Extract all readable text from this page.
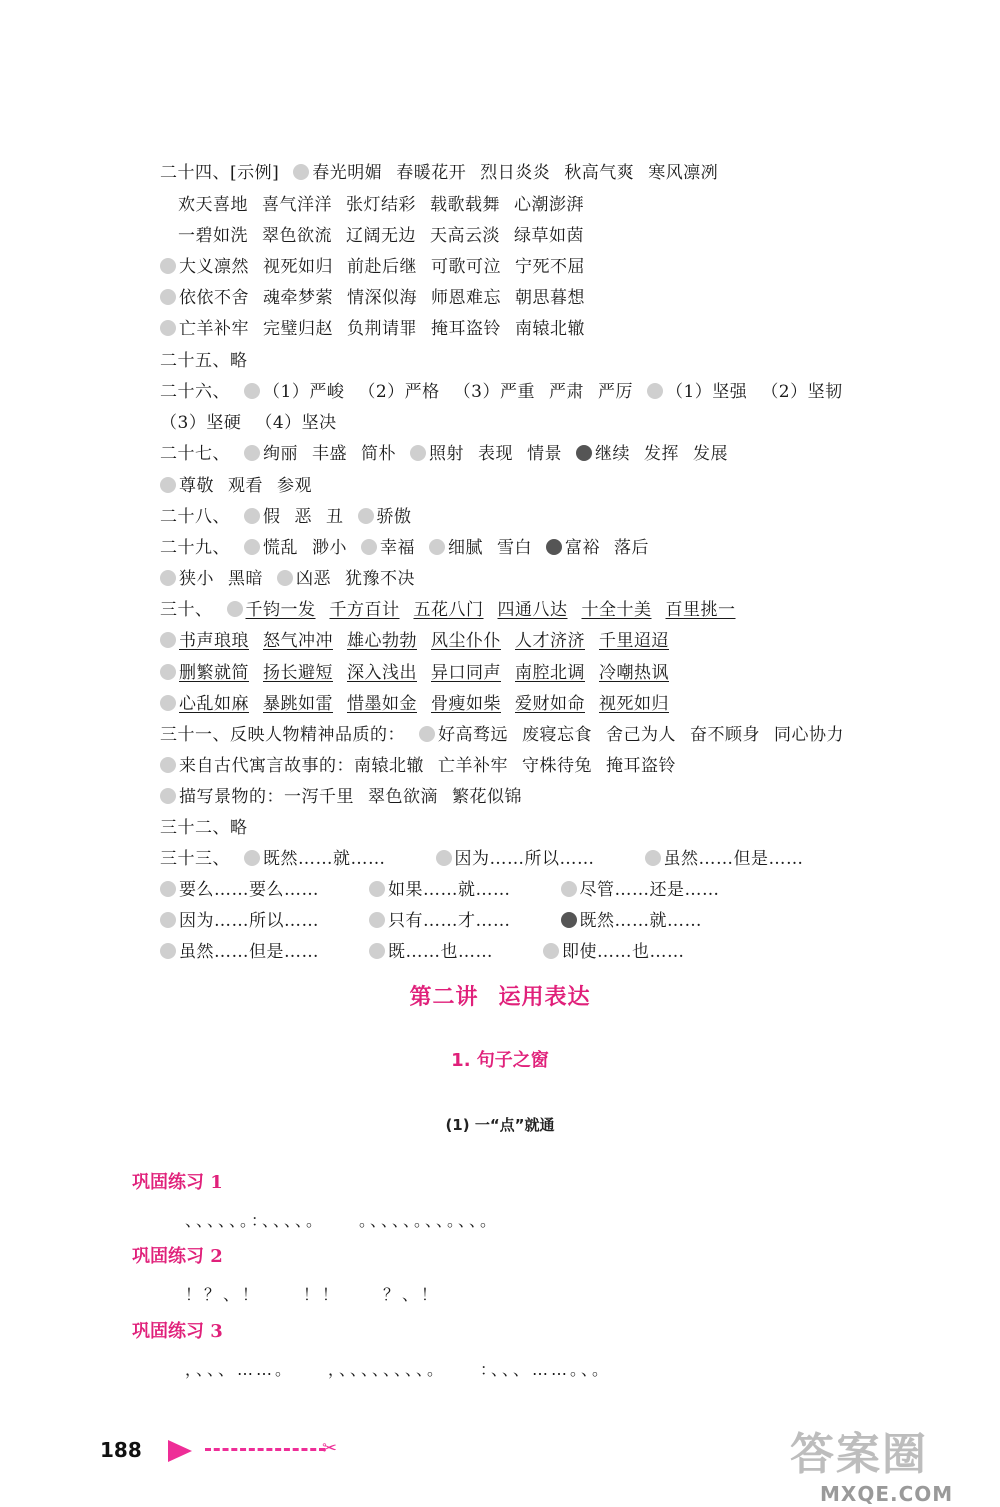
二十四、[示例] 春光明媚 春暖花开 烈日炎炎 秋高气爽 寒风凛冽
欢天喜地 喜气洋洋 张灯结彩 载歌载舞 心潮澎湃
一碧如洗 翠色欲流 辽阔无边 天高云淡 绿草如茵
大义凛然 视死如归 前赴后继 可歌可泣 宁死不屈
依依不舍 魂牵梦萦 情深似海 师恩难忘 朝思暮想
亡羊补牢 完璧归赵 负荆请罪 掩耳盗铃 南辕北辙
二十五、略
二十六、 （1）严峻 （2）严格 （3）严重 严肃 严厉 （1）坚强 （2）坚韧
（3）坚硬 （4）坚决
二十七、 绚丽 丰盛 简朴 照射 表现 情景 继续 发挥 发展
尊敬 观看 参观
二十八、 假 恶 丑 骄傲
二十九、 慌乱 渺小 幸福 细腻 雪白 富裕 落后
狭小 黑暗 凶恶 犹豫不决
三十、 千钧一发 千方百计 五花八门 四通八达 十全十美 百里挑一
书声琅琅 怒气冲冲 雄心勃勃 风尘仆仆 人才济济 千里迢迢
删繁就简 扬长避短 深入浅出 异口同声 南腔北调 冷嘲热讽
心乱如麻 暴跳如雷 惜墨如金 骨瘦如柴 爱财如命 视死如归
三十一、反映人物精神品质的： 好高骛远 废寝忘食 舍己为人 奋不顾身 同心协力
来自古代寓言故事的：南辕北辙 亡羊补牢 守株待兔 掩耳盗铃
描写景物的：一泻千里 翠色欲滴 繁花似锦
三十二、略
三十三、 既然……就……	因为……所以……	虽然……但是……
要么……要么……	如果……就……	尽管……还是……
因为……所以……	只有……才……	既然……就……
虽然……但是……	既……也……	即使……也……
第二讲 运用表达
1. 句子之窗
(1) 一“点”就通
巩固练习 1
、、、、、。：、、、、。	。、、、、。、、。、、。
巩固练习 2
！？、！	！！	？、！
巩固练习 3
，、、、……。	，、、、、、、、、。	：、、、……。、。
188	✂	答案圈
MXQE.COM
